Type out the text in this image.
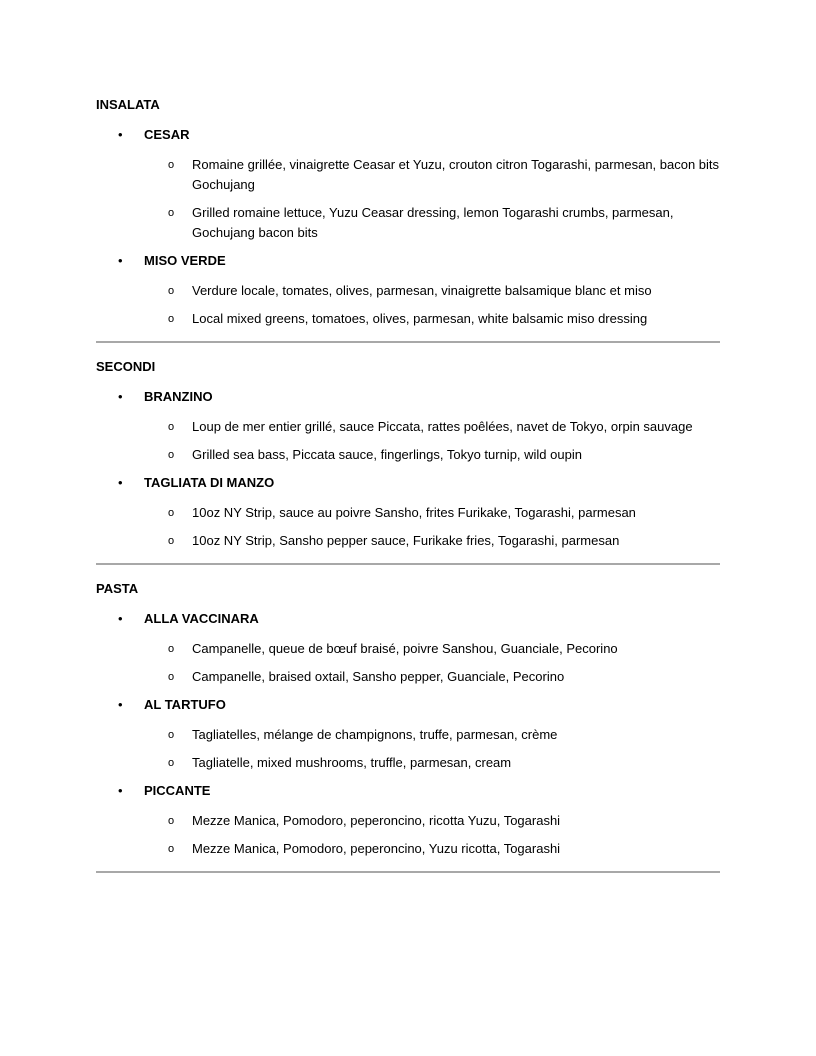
INSALATA
• CESAR
o Romaine grillée, vinaigrette Ceasar et Yuzu, crouton citron Togarashi, parmesan, bacon bits Gochujang
o Grilled romaine lettuce, Yuzu Ceasar dressing, lemon Togarashi crumbs, parmesan, Gochujang bacon bits
• MISO VERDE
o Verdure locale, tomates, olives, parmesan, vinaigrette balsamique blanc et miso
o Local mixed greens, tomatoes, olives, parmesan, white balsamic miso dressing
SECONDI
• BRANZINO
o Loup de mer entier grillé, sauce Piccata, rattes poêlées, navet de Tokyo, orpin sauvage
o Grilled sea bass, Piccata sauce, fingerlings, Tokyo turnip, wild oupin
• TAGLIATA DI MANZO
o 10oz NY Strip, sauce au poivre Sansho, frites Furikake, Togarashi, parmesan
o 10oz NY Strip, Sansho pepper sauce, Furikake fries, Togarashi, parmesan
PASTA
• ALLA VACCINARA
o Campanelle, queue de bœuf braisé, poivre Sanshou, Guanciale, Pecorino
o Campanelle, braised oxtail, Sansho pepper, Guanciale, Pecorino
• AL TARTUFO
o Tagliatelles, mélange de champignons, truffe, parmesan, crème
o Tagliatelle, mixed mushrooms, truffle, parmesan, cream
• PICCANTE
o Mezze Manica, Pomodoro, peperoncino, ricotta Yuzu, Togarashi
o Mezze Manica, Pomodoro, peperoncino, Yuzu ricotta, Togarashi
